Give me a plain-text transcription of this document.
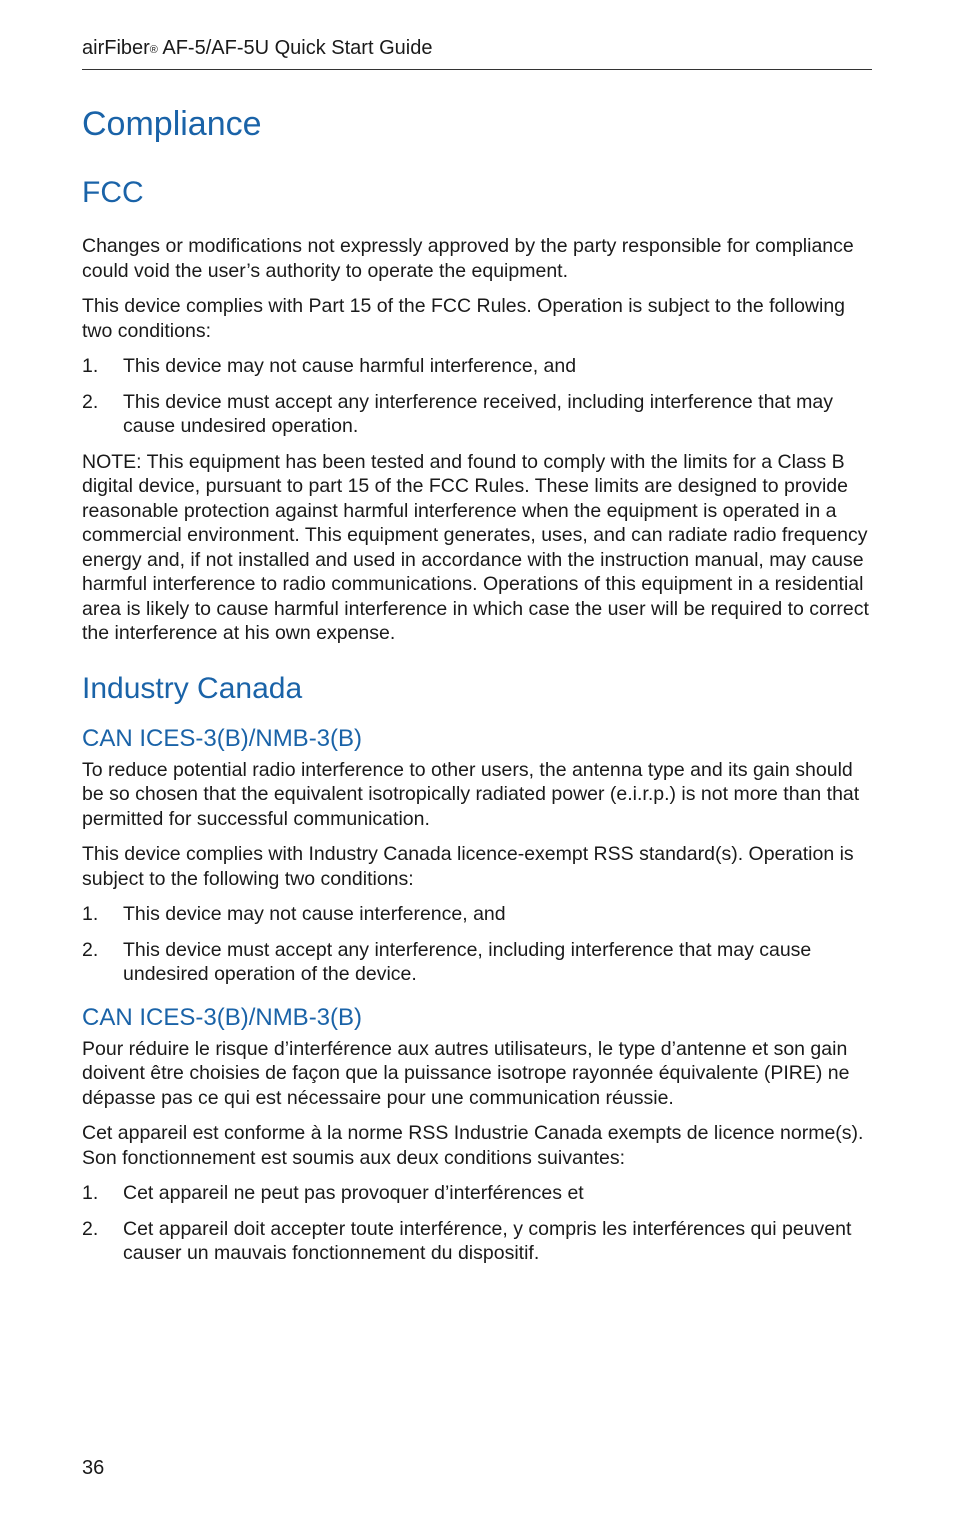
airFiber® AF-5/AF-5U Quick Start Guide
Compliance
FCC

Changes or modifications not expressly approved by the party responsible for compliance could void the user’s authority to operate the equipment.

This device complies with Part 15 of the FCC Rules. Operation is subject to the following two conditions:

1. This device may not cause harmful interference, and
2. This device must accept any interference received, including interference that may cause undesired operation.

NOTE: This equipment has been tested and found to comply with the limits for a Class B digital device, pursuant to part 15 of the FCC Rules. These limits are designed to provide reasonable protection against harmful interference when the equipment is operated in a commercial environment. This equipment generates, uses, and can radiate radio frequency energy and, if not installed and used in accordance with the instruction manual, may cause harmful interference to radio communications. Operations of this equipment in a residential area is likely to cause harmful interference in which case the user will be required to correct the interference at his own expense.

Industry Canada
CAN ICES-3(B)/NMB-3(B)

To reduce potential radio interference to other users, the antenna type and its gain should be so chosen that the equivalent isotropically radiated power (e.i.r.p.) is not more than that permitted for successful communication.

This device complies with Industry Canada licence-exempt RSS standard(s). Operation is subject to the following two conditions:

1. This device may not cause interference, and
2. This device must accept any interference, including interference that may cause undesired operation of the device.
CAN ICES-3(B)/NMB-3(B)

Pour réduire le risque d’interférence aux autres utilisateurs, le type d’antenne et son gain doivent être choisies de façon que la puissance isotrope rayonnée équivalente (PIRE) ne dépasse pas ce qui est nécessaire pour une communication réussie.

Cet appareil est conforme à la norme RSS Industrie Canada exempts de licence norme(s). Son fonctionnement est soumis aux deux conditions suivantes:

1. Cet appareil ne peut pas provoquer d’interférences et
2. Cet appareil doit accepter toute interférence, y compris les interférences qui peuvent causer un mauvais fonctionnement du dispositif.
36
